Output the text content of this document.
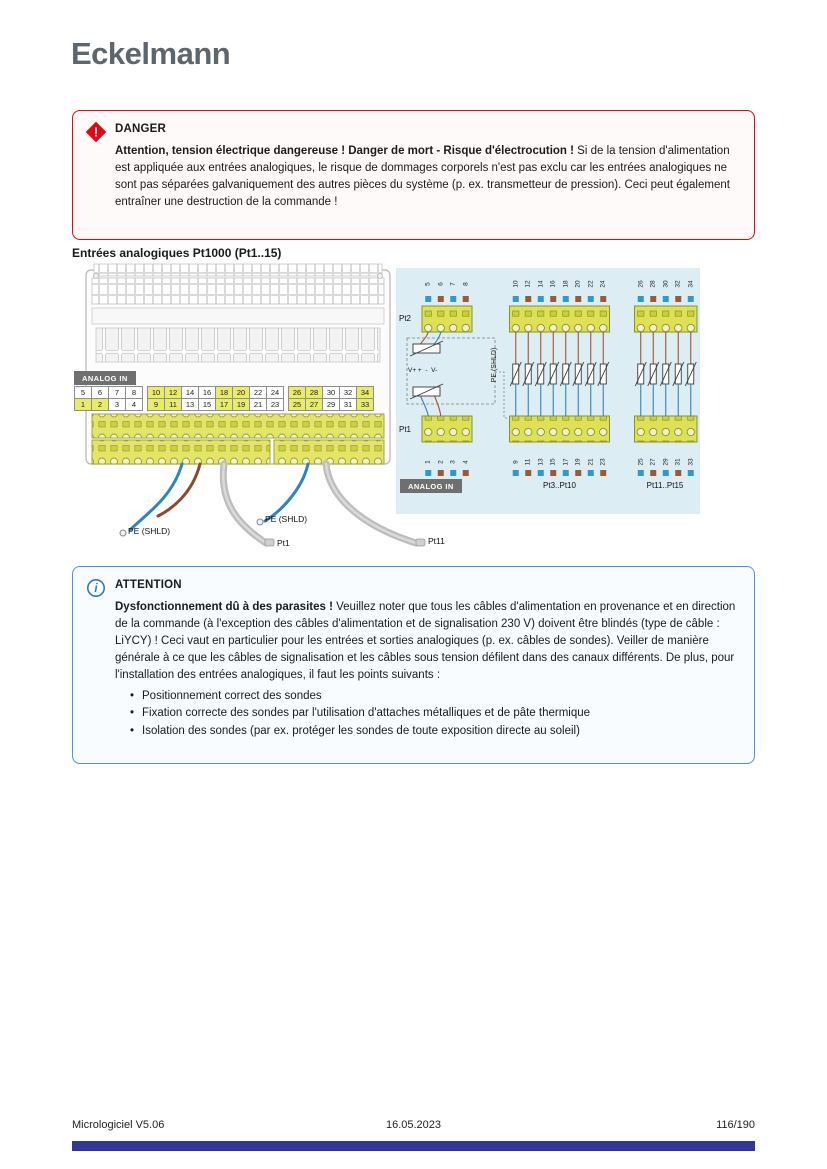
Eckelmann
! DANGER

Attention, tension électrique dangereuse ! Danger de mort - Risque d'électrocution ! Si de la tension d'alimentation est appliquée aux entrées analogiques, le risque de dommages corporels n'est pas exclu car les entrées analogiques ne sont pas séparées galvaniquement des autres pièces du système (p. ex. transmetteur de pression). Ceci peut également entraîner une destruction de la commande !

Entrées analogiques Pt1000 (Pt1..15)
ANALOG IN
5	6	7	8
1	2	3	4
10	12	14	16	18	20	22	24
9	11	13	15	17	19	21	23
26	28	30	32	34
25	27	29	31	33
PE (SHLD)
PE (SHLD)
Pt1	Pt11
PE (SHLD)
5 6 7 8	10 12 14 16 18 20 22 24	26 28 30 32 34
1 2 3 4	9 11 13 15 17 19 21 23	25 27 29 31 33
Pt2
Pt1
V+ +  -  V-
ANALOG IN	Pt3..Pt10	Pt11..Pt15
i ATTENTION

Dysfonctionnement dû à des parasites ! Veuillez noter que tous les câbles d'alimentation en provenance et en direction de la commande (à l'exception des câbles d'alimentation et de signalisation 230 V) doivent être blindés (type de câble : LiYCY) ! Ceci vaut en particulier pour les entrées et sorties analogiques (p. ex. câbles de sondes). Veiller de manière générale à ce que les câbles de signalisation et les câbles sous tension défilent dans des canaux différents. De plus, pour l'installation des entrées analogiques, il faut les points suivants :

• Positionnement correct des sondes
• Fixation correcte des sondes par l'utilisation d'attaches métalliques et de pâte thermique
• Isolation des sondes (par ex. protéger les sondes de toute exposition directe au soleil)
Micrologiciel V5.06	16.05.2023	116/190
